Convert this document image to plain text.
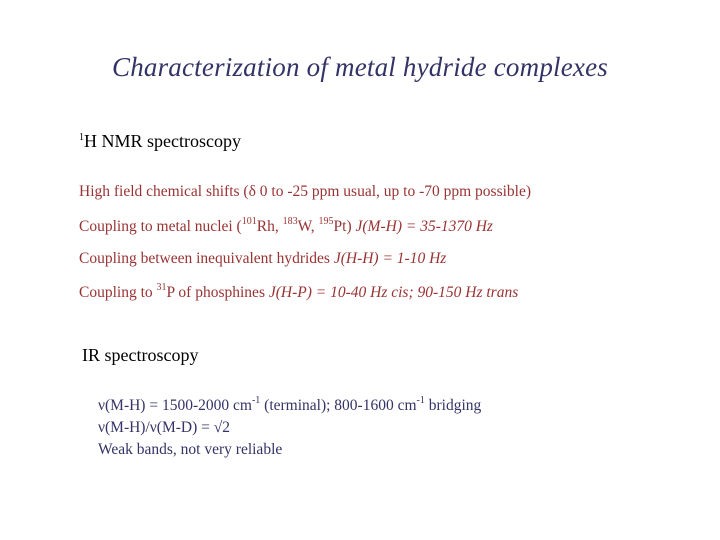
Characterization of metal hydride complexes
$^1$H NMR spectroscopy
High field chemical shifts (δ 0 to -25 ppm usual, up to -70 ppm possible)
Coupling to metal nuclei ($^{101}$Rh, $^{183}$W, $^{195}$Pt) J(M-H) = 35-1370 Hz
Coupling between inequivalent hydrides J(H-H) = 1-10 Hz
Coupling to $^{31}$P of phosphines J(H-P) = 10-40 Hz cis; 90-150 Hz trans
IR spectroscopy
ν(M-H) = 1500-2000 $cm^{-1}$ (terminal); 800-1600 $cm^{-1}$ bridging
ν(M-H)/ν(M-D) = √2
Weak bands, not very reliable
